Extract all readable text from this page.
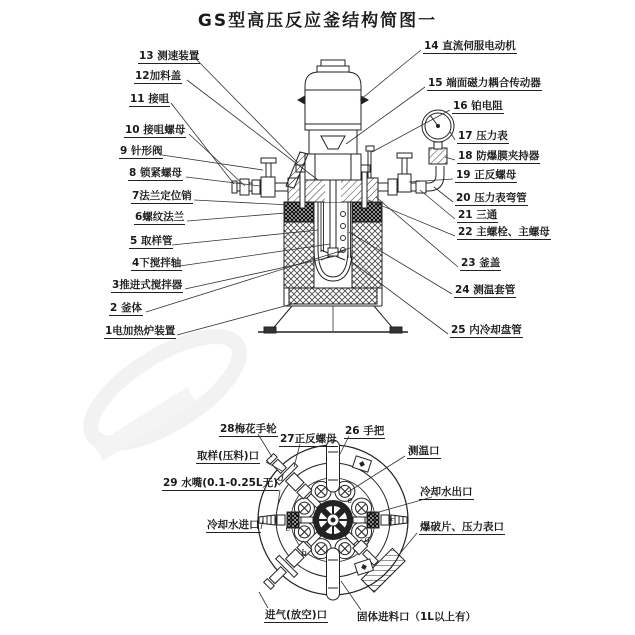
b
c
d
e
f
g
GS型高压反应釜结构简图一
13 测速装置
12加料盖
11 接咀
10 接咀螺母
9 针形阀
8 锁紧螺母
7法兰定位销
6螺纹法兰
5 取样管
4下搅拌轴
3推进式搅拌器
2 釜体
1电加热炉装置
14 直流伺服电动机
15 端面磁力耦合传动器
16 铂电阻
17 压力表
18 防爆膜夹持器
19 正反螺母
20 压力表弯管
21 三通
22 主螺栓、主螺母
23 釜盖
24 测温套管
25 内冷却盘管
28梅花手轮
27正反螺母
26 手把
取样(压料)口	测温口
29 水嘴(0.1-0.25L无)
冷却水进口
冷却水出口
爆破片、压力表口
进气(放空)口	固体进料口（1L以上有）
